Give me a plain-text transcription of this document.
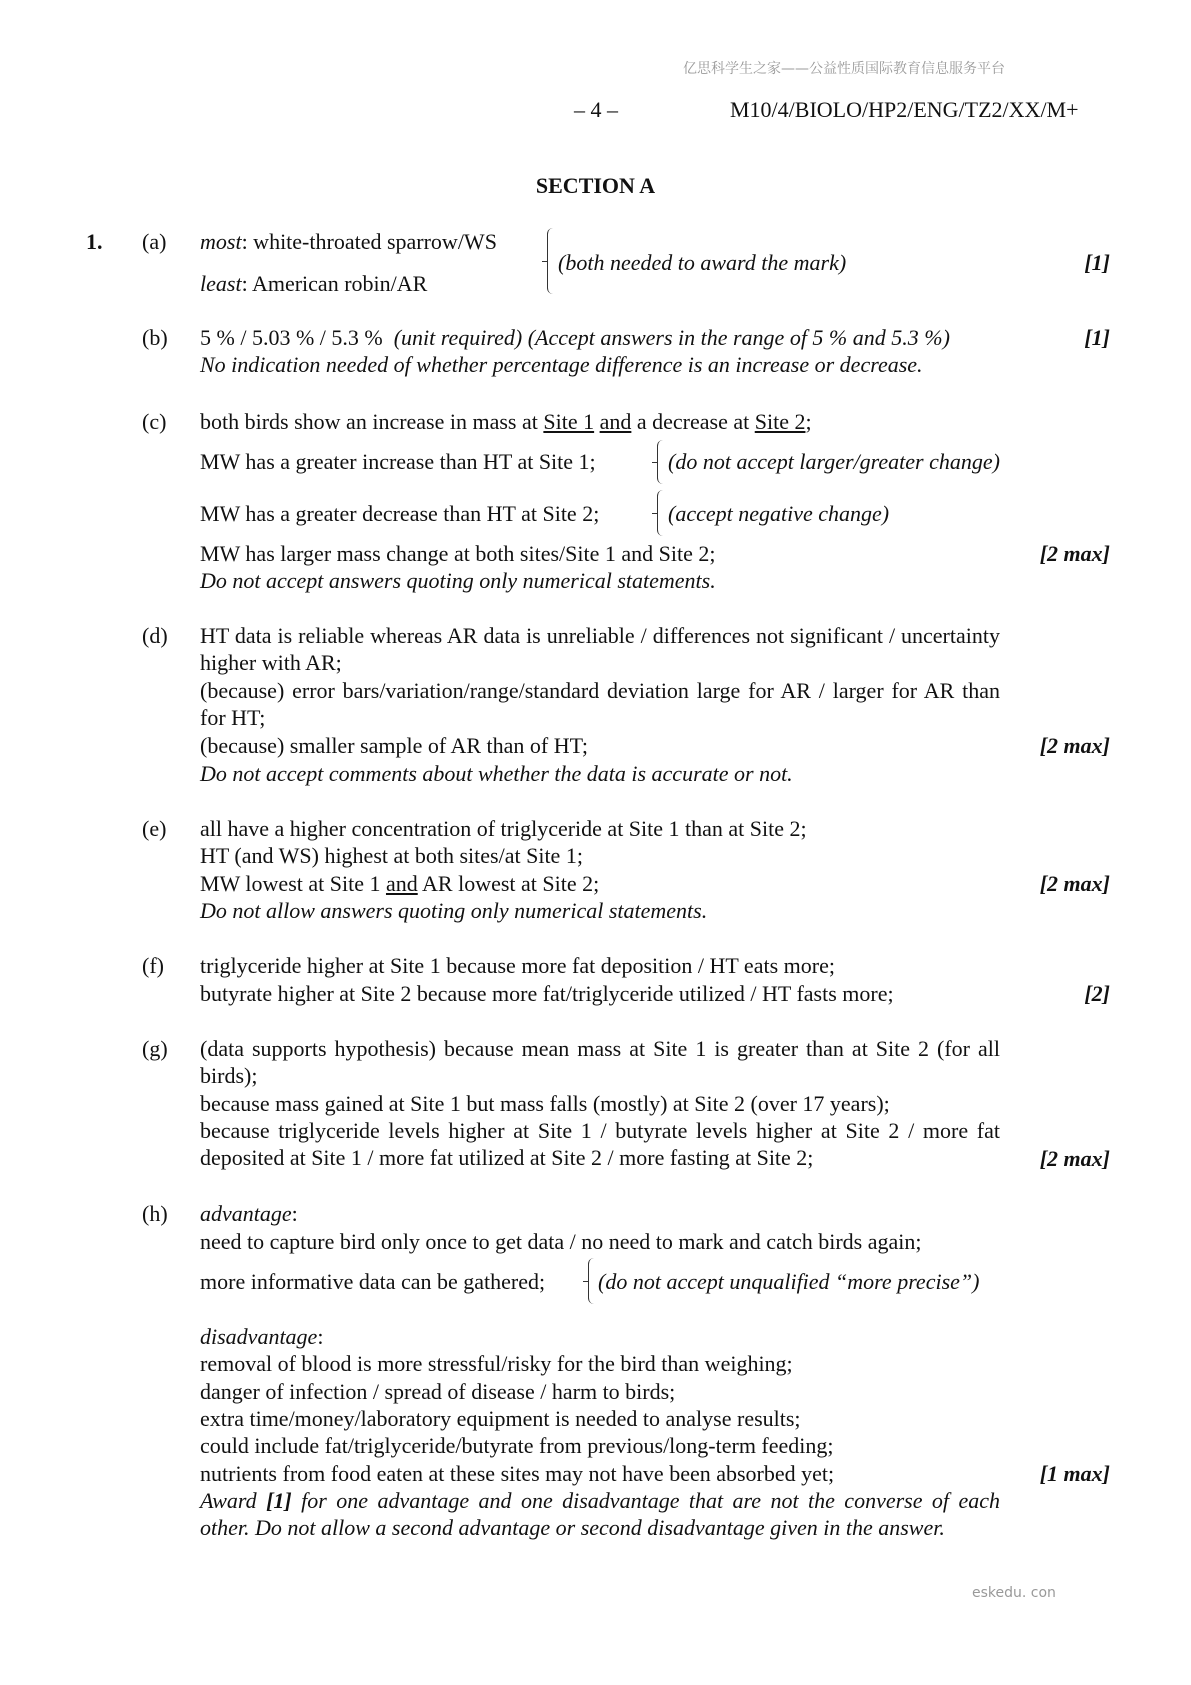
亿思科学生之家——公益性质国际教育信息服务平台
eskedu. con
– 4 –	M10/4/BIOLO/HP2/ENG/TZ2/XX/M+
SECTION A
1. (a) most: white-throated sparrow/WS
least: American robin/AR
(both needed to award the mark)	[1]
(b) 5 % / 5.03 % / 5.3 % (unit required) (Accept answers in the range of 5 % and 5.3 %)
No indication needed of whether percentage difference is an increase or decrease.
[1]
(c) both birds show an increase in mass at Site 1 and a decrease at Site 2;
MW has a greater increase than HT at Site 1;	(do not accept larger/greater change)
MW has a greater decrease than HT at Site 2;	(accept negative change)
MW has larger mass change at both sites/Site 1 and Site 2;
Do not accept answers quoting only numerical statements.
[2 max]
(d) HT data is reliable whereas AR data is unreliable / differences not significant / uncertainty higher with AR;
(because) error bars/variation/range/standard deviation large for AR / larger for AR than for HT;
(because) smaller sample of AR than of HT;
Do not accept comments about whether the data is accurate or not.
[2 max]
(e) all have a higher concentration of triglyceride at Site 1 than at Site 2;
HT (and WS) highest at both sites/at Site 1;
MW lowest at Site 1 and AR lowest at Site 2;
Do not allow answers quoting only numerical statements.
[2 max]
(f) triglyceride higher at Site 1 because more fat deposition / HT eats more;
butyrate higher at Site 2 because more fat/triglyceride utilized / HT fasts more;	[2]
(g) (data supports hypothesis) because mean mass at Site 1 is greater than at Site 2 (for all birds);
because mass gained at Site 1 but mass falls (mostly) at Site 2 (over 17 years);
because triglyceride levels higher at Site 1 / butyrate levels higher at Site 2 / more fat deposited at Site 1 / more fat utilized at Site 2 / more fasting at Site 2;	[2 max]
(h) advantage:
need to capture bird only once to get data / no need to mark and catch birds again;
more informative data can be gathered; (do not accept unqualified “more precise”)
disadvantage:
removal of blood is more stressful/risky for the bird than weighing;
danger of infection / spread of disease / harm to birds;
extra time/money/laboratory equipment is needed to analyse results;
could include fat/triglyceride/butyrate from previous/long-term feeding;
nutrients from food eaten at these sites may not have been absorbed yet;
Award [1] for one advantage and one disadvantage that are not the converse of each other. Do not allow a second advantage or second disadvantage given in the answer.
[1 max]
